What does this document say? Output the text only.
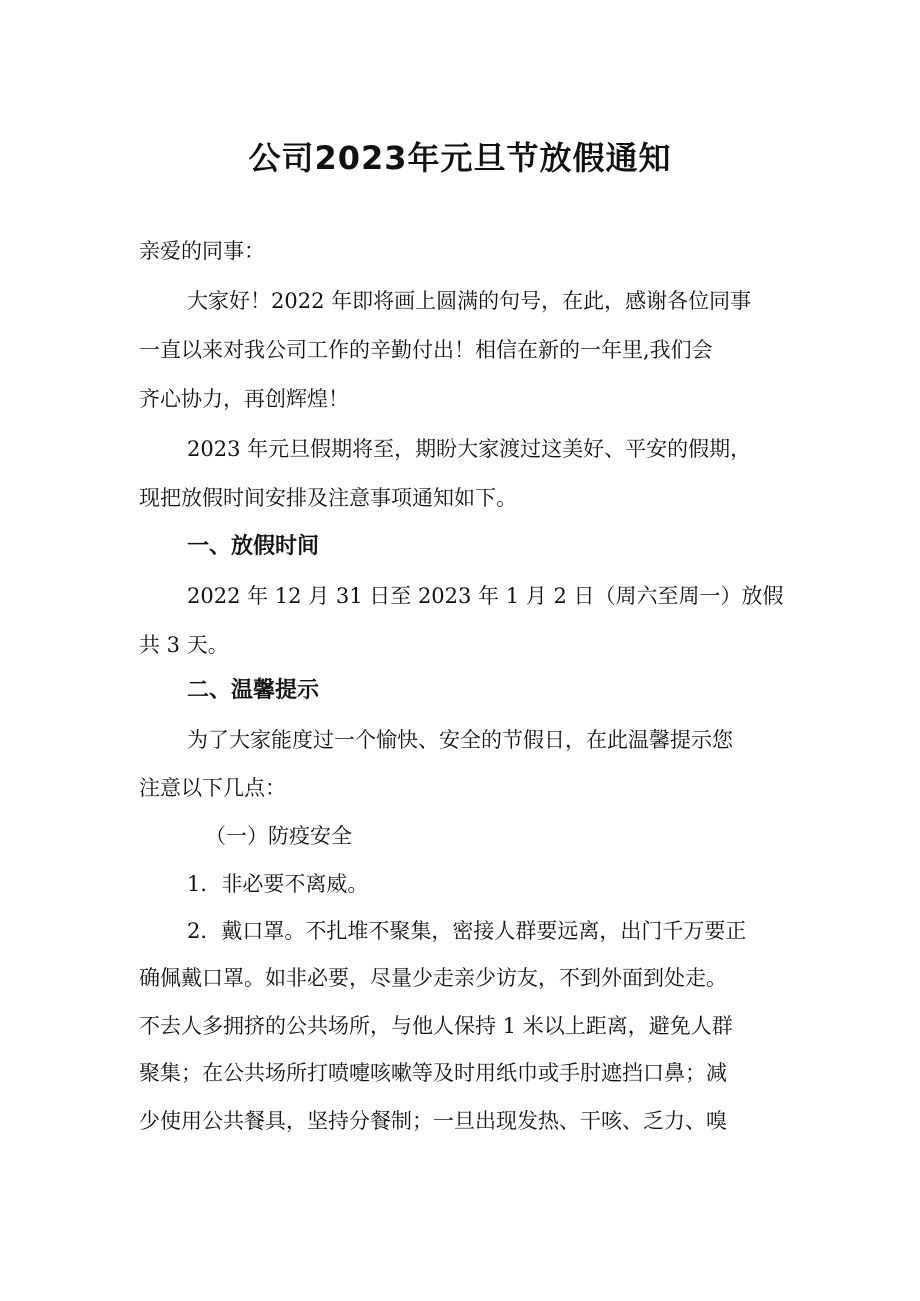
公司2023年元旦节放假通知

亲爱的同事：

大家好！2022 年即将画上圆满的句号，在此，感谢各位同事

一直以来对我公司工作的辛勤付出！相信在新的一年里,我们会

齐心协力，再创辉煌！

2023 年元旦假期将至，期盼大家渡过这美好、平安的假期，

现把放假时间安排及注意事项通知如下。

一、放假时间

2022 年 12 月 31 日至 2023 年 1 月 2 日（周六至周一）放假

共 3 天。

二、温馨提示

为了大家能度过一个愉快、安全的节假日，在此温馨提示您

注意以下几点：

（一）防疫安全

1．非必要不离威。

2．戴口罩。不扎堆不聚集，密接人群要远离，出门千万要正

确佩戴口罩。如非必要，尽量少走亲少访友，不到外面到处走。

不去人多拥挤的公共场所，与他人保持 1 米以上距离，避免人群

聚集；在公共场所打喷嚏咳嗽等及时用纸巾或手肘遮挡口鼻；减

少使用公共餐具，坚持分餐制；一旦出现发热、干咳、乏力、嗅
